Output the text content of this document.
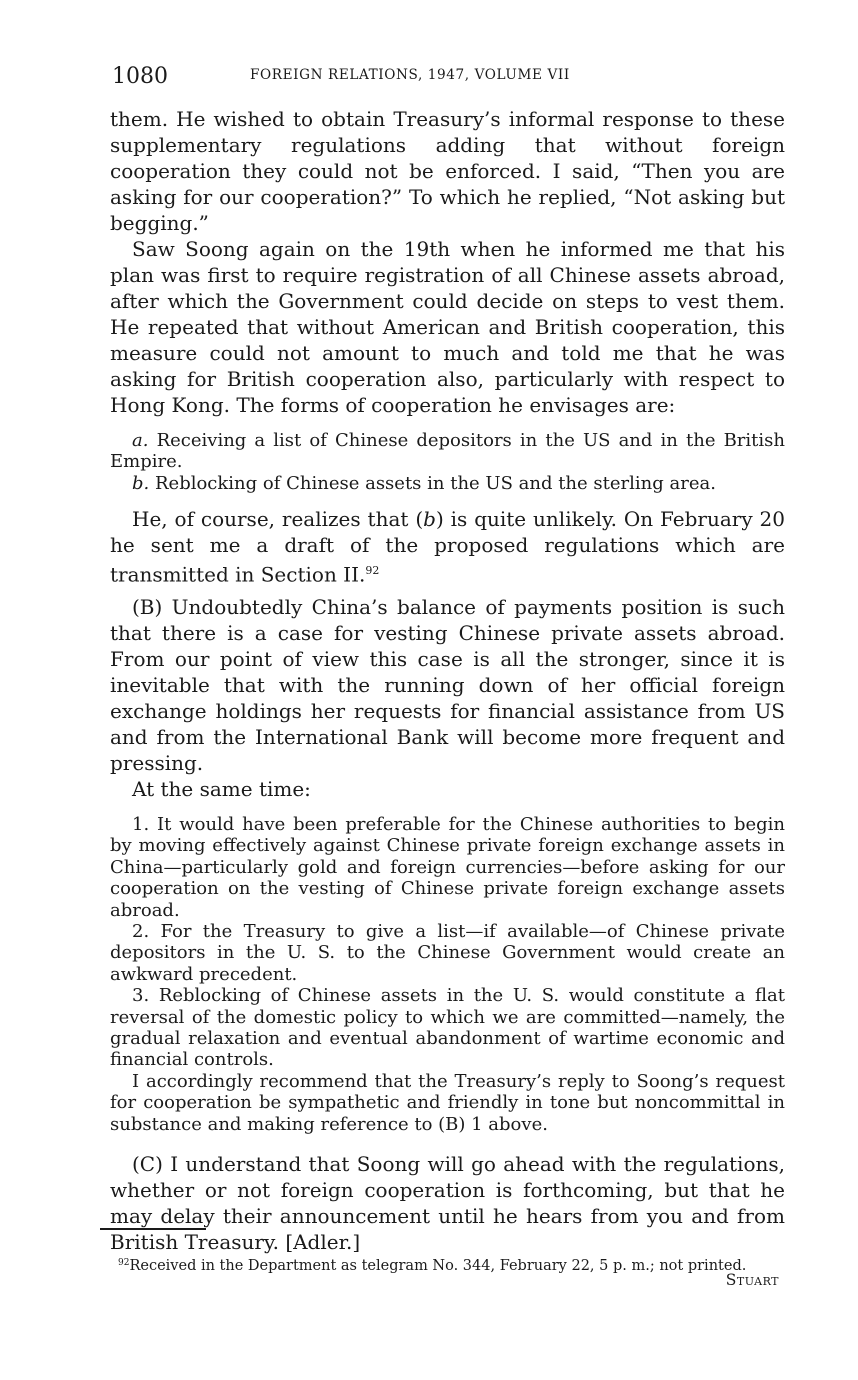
1080	FOREIGN RELATIONS, 1947, VOLUME VII

them. He wished to obtain Treasury’s informal response to these supplementary regulations adding that without foreign cooperation they could not be enforced. I said, “Then you are asking for our cooperation?” To which he replied, “Not asking but begging.”

Saw Soong again on the 19th when he informed me that his plan was first to require registration of all Chinese assets abroad, after which the Government could decide on steps to vest them. He repeated that without American and British cooperation, this measure could not amount to much and told me that he was asking for British cooperation also, particularly with respect to Hong Kong. The forms of cooperation he envisages are:

a. Receiving a list of Chinese depositors in the US and in the British Empire.

b. Reblocking of Chinese assets in the US and the sterling area.

He, of course, realizes that (b) is quite unlikely. On February 20 he sent me a draft of the proposed regulations which are transmitted in Section II.$^{92}$

(B) Undoubtedly China’s balance of payments position is such that there is a case for vesting Chinese private assets abroad. From our point of view this case is all the stronger, since it is inevitable that with the running down of her official foreign exchange holdings her requests for financial assistance from US and from the International Bank will become more frequent and pressing.

At the same time:

1. It would have been preferable for the Chinese authorities to begin by moving effectively against Chinese private foreign exchange assets in China—particularly gold and foreign currencies—before asking for our cooperation on the vesting of Chinese private foreign exchange assets abroad.

2. For the Treasury to give a list—if available—of Chinese private depositors in the U. S. to the Chinese Government would create an awkward precedent.

3. Reblocking of Chinese assets in the U. S. would constitute a flat reversal of the domestic policy to which we are committed—namely, the gradual relaxation and eventual abandonment of wartime economic and financial controls.

I accordingly recommend that the Treasury’s reply to Soong’s request for cooperation be sympathetic and friendly in tone but noncommittal in substance and making reference to (B) 1 above.

(C) I understand that Soong will go ahead with the regulations, whether or not foreign cooperation is forthcoming, but that he may delay their announcement until he hears from you and from British Treasury. [Adler.]

Stuart

$^{92}$Received in the Department as telegram No. 344, February 22, 5 p. m.; not printed.
